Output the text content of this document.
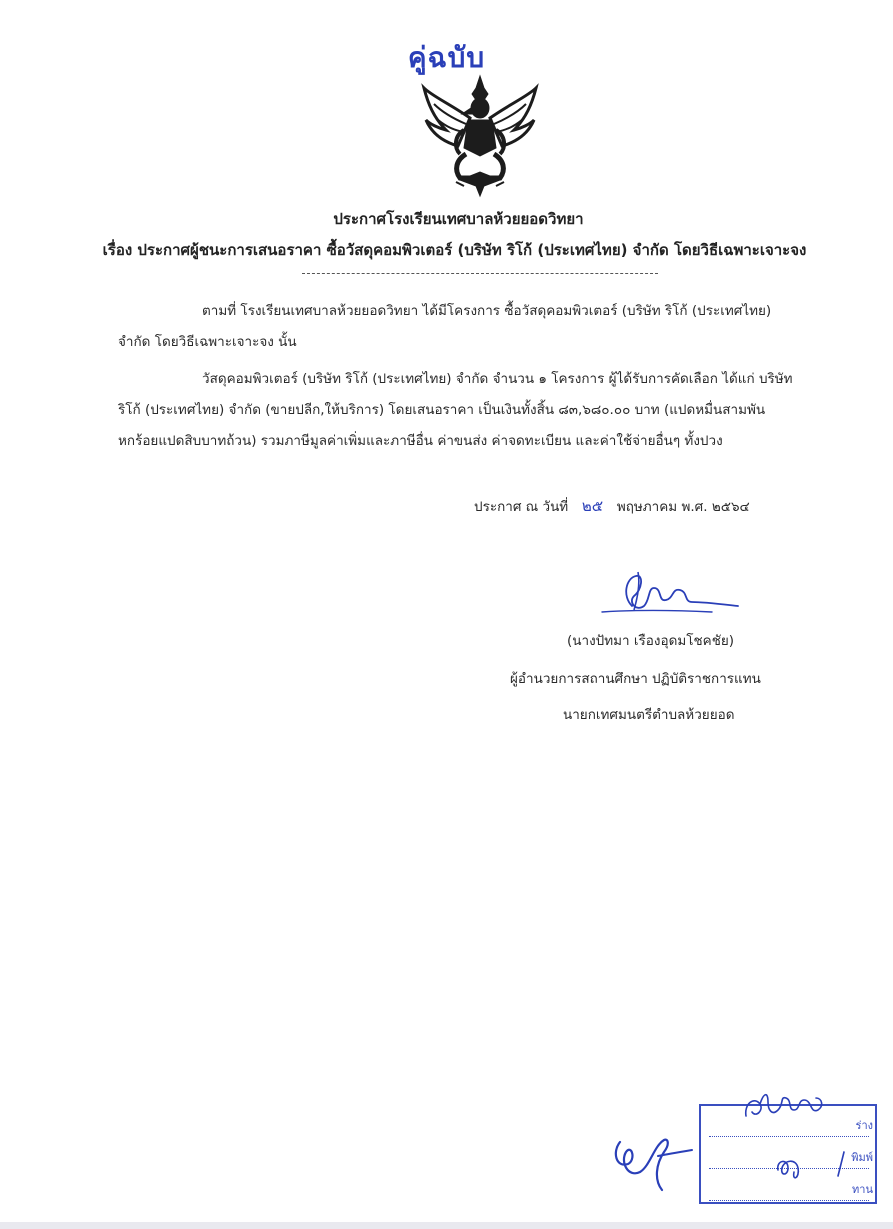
คู่ฉบับ
ประกาศโรงเรียนเทศบาลห้วยยอดวิทยา
เรื่อง ประกาศผู้ชนะการเสนอราคา ซื้อวัสดุคอมพิวเตอร์ (บริษัท ริโก้ (ประเทศไทย) จำกัด โดยวิธีเฉพาะเจาะจง
ตามที่ โรงเรียนเทศบาลห้วยยอดวิทยา ได้มีโครงการ ซื้อวัสดุคอมพิวเตอร์ (บริษัท ริโก้ (ประเทศไทย)
จำกัด โดยวิธีเฉพาะเจาะจง นั้น
วัสดุคอมพิวเตอร์ (บริษัท ริโก้ (ประเทศไทย) จำกัด จำนวน ๑ โครงการ ผู้ได้รับการคัดเลือก ได้แก่ บริษัท
ริโก้ (ประเทศไทย) จำกัด (ขายปลีก,ให้บริการ) โดยเสนอราคา เป็นเงินทั้งสิ้น ๘๓,๖๘๐.๐๐ บาท (แปดหมื่นสามพัน
หกร้อยแปดสิบบาทถ้วน) รวมภาษีมูลค่าเพิ่มและภาษีอื่น ค่าขนส่ง ค่าจดทะเบียน และค่าใช้จ่ายอื่นๆ ทั้งปวง
ประกาศ ณ วันที่ ๒๕ พฤษภาคม พ.ศ. ๒๕๖๔
(นางปัทมา เรืองอุดมโชคชัย)
ผู้อำนวยการสถานศึกษา ปฏิบัติราชการแทน
นายกเทศมนตรีตำบลห้วยยอด
ร่าง
พิมพ์
ทาน
